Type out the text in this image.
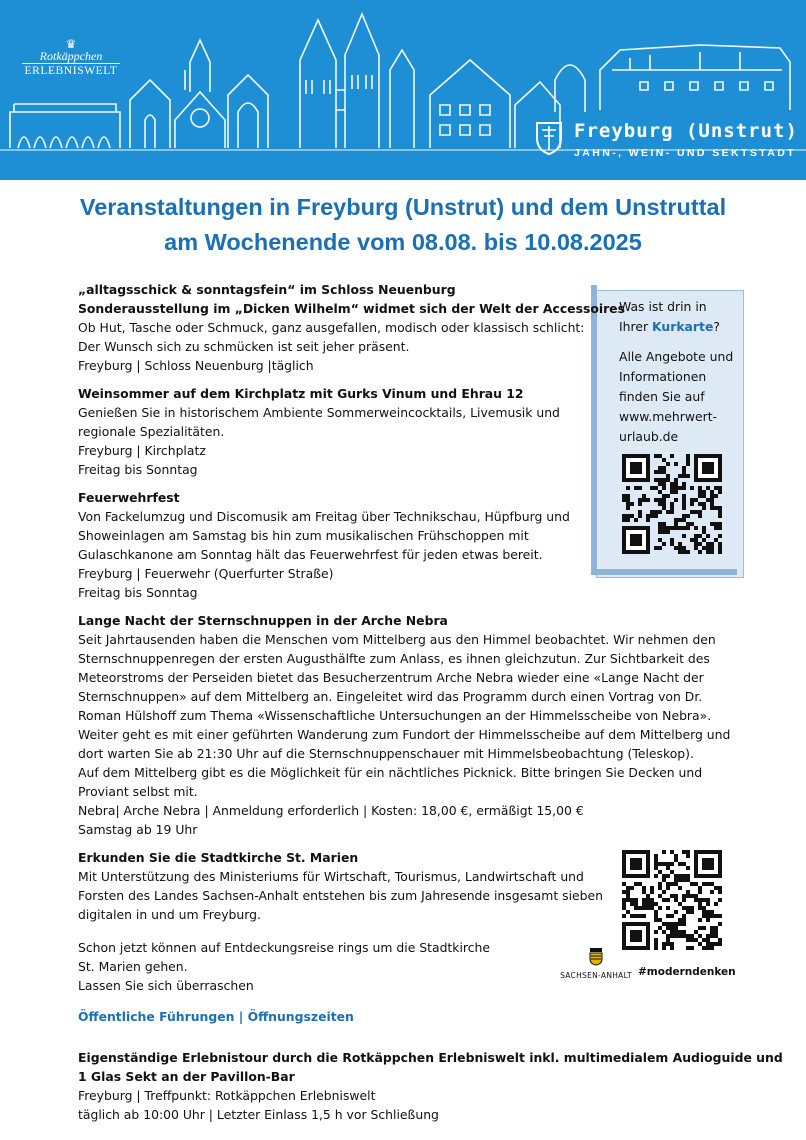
♛
Rotkäppchen
ERLEBNISWELT
Freyburg (Unstrut)
JAHN-, WEIN- UND SEKTSTADT
Veranstaltungen in Freyburg (Unstrut) und dem Unstruttal
am Wochenende vom 08.08. bis 10.08.2025
Was ist drin in
Ihrer Kurkarte?
Alle Angebote und
Informationen
finden Sie auf
www.mehrwert-
urlaub.de
SACHSEN-ANHALT #moderndenken
„alltagsschick & sonntagsfein“ im Schloss Neuenburg
Sonderausstellung im „Dicken Wilhelm“ widmet sich der Welt der Accessoires
Ob Hut, Tasche oder Schmuck, ganz ausgefallen, modisch oder klassisch schlicht:
Der Wunsch sich zu schmücken ist seit jeher präsent.
Freyburg | Schloss Neuenburg |täglich
Weinsommer auf dem Kirchplatz mit Gurks Vinum und Ehrau 12
Genießen Sie in historischem Ambiente Sommerweincocktails, Livemusik und
regionale Spezialitäten.
Freyburg | Kirchplatz
Freitag bis Sonntag
Feuerwehrfest
Von Fackelumzug und Discomusik am Freitag über Technikschau, Hüpfburg und
Showeinlagen am Samstag bis hin zum musikalischen Frühschoppen mit
Gulaschkanone am Sonntag hält das Feuerwehrfest für jeden etwas bereit.
Freyburg | Feuerwehr (Querfurter Straße)
Freitag bis Sonntag
Lange Nacht der Sternschnuppen in der Arche Nebra
Seit Jahrtausenden haben die Menschen vom Mittelberg aus den Himmel beobachtet. Wir nehmen den
Sternschnuppenregen der ersten Augusthälfte zum Anlass, es ihnen gleichzutun. Zur Sichtbarkeit des
Meteorstroms der Perseiden bietet das Besucherzentrum Arche Nebra wieder eine «Lange Nacht der
Sternschnuppen» auf dem Mittelberg an. Eingeleitet wird das Programm durch einen Vortrag von Dr.
Roman Hülshoff zum Thema «Wissenschaftliche Untersuchungen an der Himmelsscheibe von Nebra».
Weiter geht es mit einer geführten Wanderung zum Fundort der Himmelsscheibe auf dem Mittelberg und
dort warten Sie ab 21:30 Uhr auf die Sternschnuppenschauer mit Himmelsbeobachtung (Teleskop).
Auf dem Mittelberg gibt es die Möglichkeit für ein nächtliches Picknick. Bitte bringen Sie Decken und
Proviant selbst mit.
Nebra| Arche Nebra | Anmeldung erforderlich | Kosten: 18,00 €, ermäßigt 15,00 €
Samstag ab 19 Uhr
Erkunden Sie die Stadtkirche St. Marien
Mit Unterstützung des Ministeriums für Wirtschaft, Tourismus, Landwirtschaft und
Forsten des Landes Sachsen-Anhalt entstehen bis zum Jahresende insgesamt sieben
digitalen in und um Freyburg.
Schon jetzt können auf Entdeckungsreise rings um die Stadtkirche
St. Marien gehen.
Lassen Sie sich überraschen
Öffentliche Führungen | Öffnungszeiten
Eigenständige Erlebnistour durch die Rotkäppchen Erlebniswelt inkl. multimedialem Audioguide und
1 Glas Sekt an der Pavillon-Bar
Freyburg | Treffpunkt: Rotkäppchen Erlebniswelt
täglich ab 10:00 Uhr | Letzter Einlass 1,5 h vor Schließung
